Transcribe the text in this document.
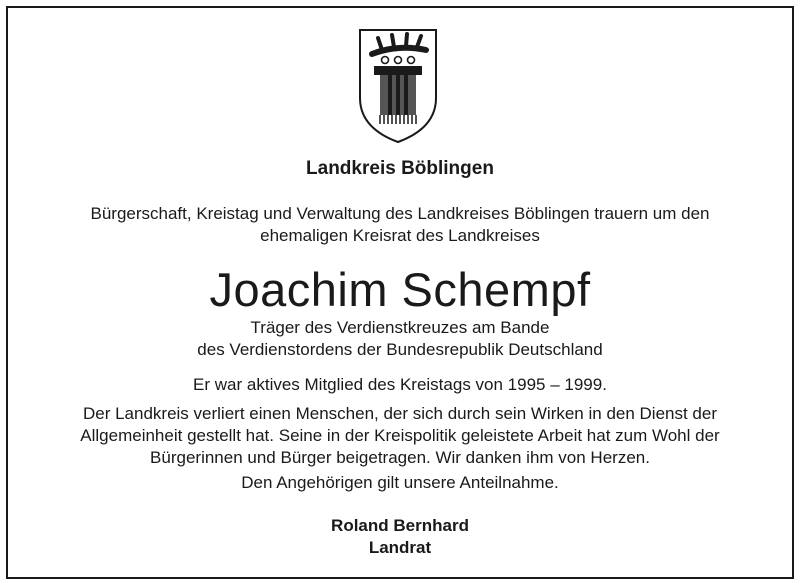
Landkreis Böblingen
Bürgerschaft, Kreistag und Verwaltung des Landkreises Böblingen trauern um den
ehemaligen Kreisrat des Landkreises
Joachim Schempf
Träger des Verdienstkreuzes am Bande
des Verdienstordens der Bundesrepublik Deutschland
Er war aktives Mitglied des Kreistags von 1995 – 1999.
Der Landkreis verliert einen Menschen, der sich durch sein Wirken in den Dienst der
Allgemeinheit gestellt hat. Seine in der Kreispolitik geleistete Arbeit hat zum Wohl der
Bürgerinnen und Bürger beigetragen. Wir danken ihm von Herzen.
Den Angehörigen gilt unsere Anteilnahme.
Roland Bernhard
Landrat
